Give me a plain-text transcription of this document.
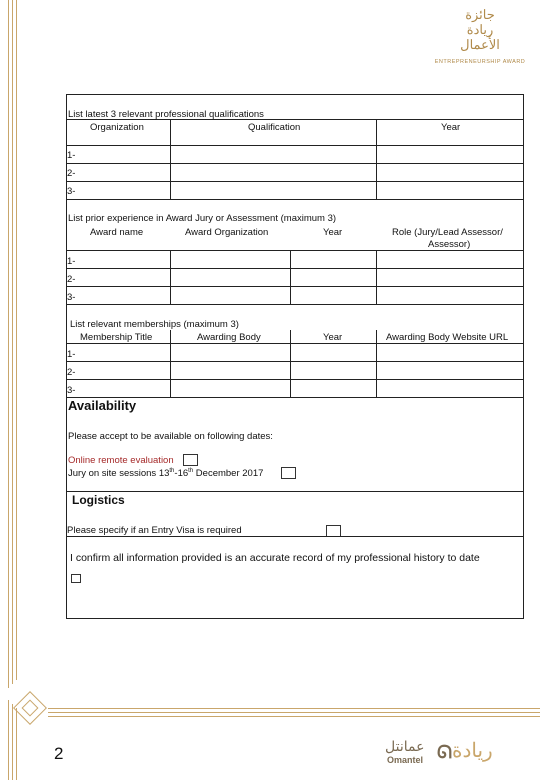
جائزة ريادة الأعمال
ENTREPRENEURSHIP AWARD
List latest 3 relevant professional qualifications
Organization	Qualification	Year
1-
2-
3-
List prior experience in Award Jury or Assessment (maximum 3)
Award name	Award Organization	Year	Role (Jury/Lead Assessor/
Assessor)
1-
2-
3-
List relevant memberships (maximum 3)
Membership Title	Awarding Body	Year	Awarding Body Website URL
1-
2-
3-
Availability
Please accept to be available on following dates:
Online remote evaluation
Jury on site sessions 13th-16th December 2017
Logistics
Please specify if an Entry Visa is required
I confirm all information provided is an accurate record of my professional history to date
2	عمانتل
Omantel ᘏ ريادة
